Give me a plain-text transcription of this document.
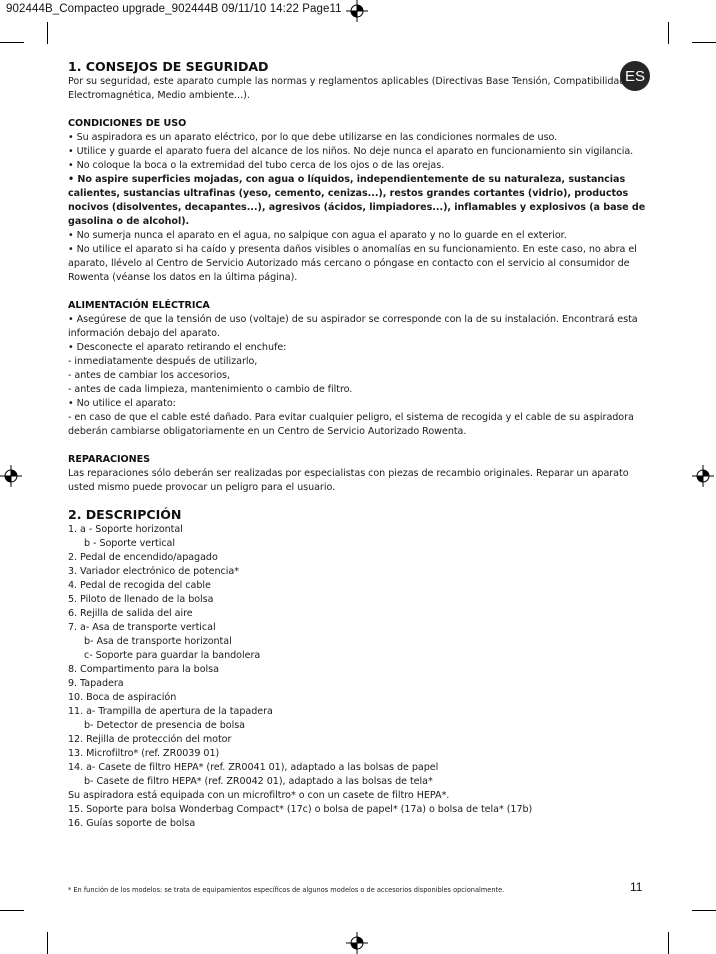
902444B_Compacteo upgrade_902444B 09/11/10 14:22 Page11
ES
1. CONSEJOS DE SEGURIDAD

Por su seguridad, este aparato cumple las normas y reglamentos aplicables (Directivas Base Tensión, Compatibilidad Electromagnética, Medio ambiente...).

CONDICIONES DE USO

• Su aspiradora es un aparato eléctrico, por lo que debe utilizarse en las condiciones normales de uso.

• Utilice y guarde el aparato fuera del alcance de los niños. No deje nunca el aparato en funcionamiento sin vigilancia.

• No coloque la boca o la extremidad del tubo cerca de los ojos o de las orejas.

• No aspire superficies mojadas, con agua o líquidos, independientemente de su naturaleza, sustancias calientes, sustancias ultrafinas (yeso, cemento, cenizas...), restos grandes cortantes (vidrio), productos nocivos (disolventes, decapantes...), agresivos (ácidos, limpiadores...), inflamables y explosivos (a base de gasolina o de alcohol).

• No sumerja nunca el aparato en el agua, no salpique con agua el aparato y no lo guarde en el exterior.

• No utilice el aparato si ha caído y presenta daños visibles o anomalías en su funcionamiento. En este caso, no abra el aparato, llévelo al Centro de Servicio Autorizado más cercano o póngase en contacto con el servicio al consumidor de Rowenta (véanse los datos en la última página).

ALIMENTACIÓN ELÉCTRICA

• Asegúrese de que la tensión de uso (voltaje) de su aspirador se corresponde con la de su instalación. Encontrará esta información debajo del aparato.

• Desconecte el aparato retirando el enchufe:

- inmediatamente después de utilizarlo,

- antes de cambiar los accesorios,

- antes de cada limpieza, mantenimiento o cambio de filtro.

• No utilice el aparato:

- en caso de que el cable esté dañado. Para evitar cualquier peligro, el sistema de recogida y el cable de su aspiradora deberán cambiarse obligatoriamente en un Centro de Servicio Autorizado Rowenta.

REPARACIONES

Las reparaciones sólo deberán ser realizadas por especialistas con piezas de recambio originales. Reparar un aparato usted mismo puede provocar un peligro para el usuario.

2. DESCRIPCIÓN
1. a - Soporte horizontal
b - Soporte vertical
2. Pedal de encendido/apagado
3. Variador electrónico de potencia*
4. Pedal de recogida del cable
5. Piloto de llenado de la bolsa
6. Rejilla de salida del aire
7. a- Asa de transporte vertical
b- Asa de transporte horizontal
c- Soporte para guardar la bandolera
8. Compartimento para la bolsa
9. Tapadera
10. Boca de aspiración
11. a- Trampilla de apertura de la tapadera
b- Detector de presencia de bolsa
12. Rejilla de protección del motor
13. Microfiltro* (ref. ZR0039 01)
14. a- Casete de filtro HEPA* (ref. ZR0041 01), adaptado a las bolsas de papel
b- Casete de filtro HEPA* (ref. ZR0042 01), adaptado a las bolsas de tela*
Su aspiradora está equipada con un microfiltro* o con un casete de filtro HEPA*.
15. Soporte para bolsa Wonderbag Compact* (17c) o bolsa de papel* (17a) o bolsa de tela* (17b)
16. Guías soporte de bolsa
* En función de los modelos: se trata de equipamientos específicos de algunos modelos o de accesorios disponibles opcionalmente.	11
